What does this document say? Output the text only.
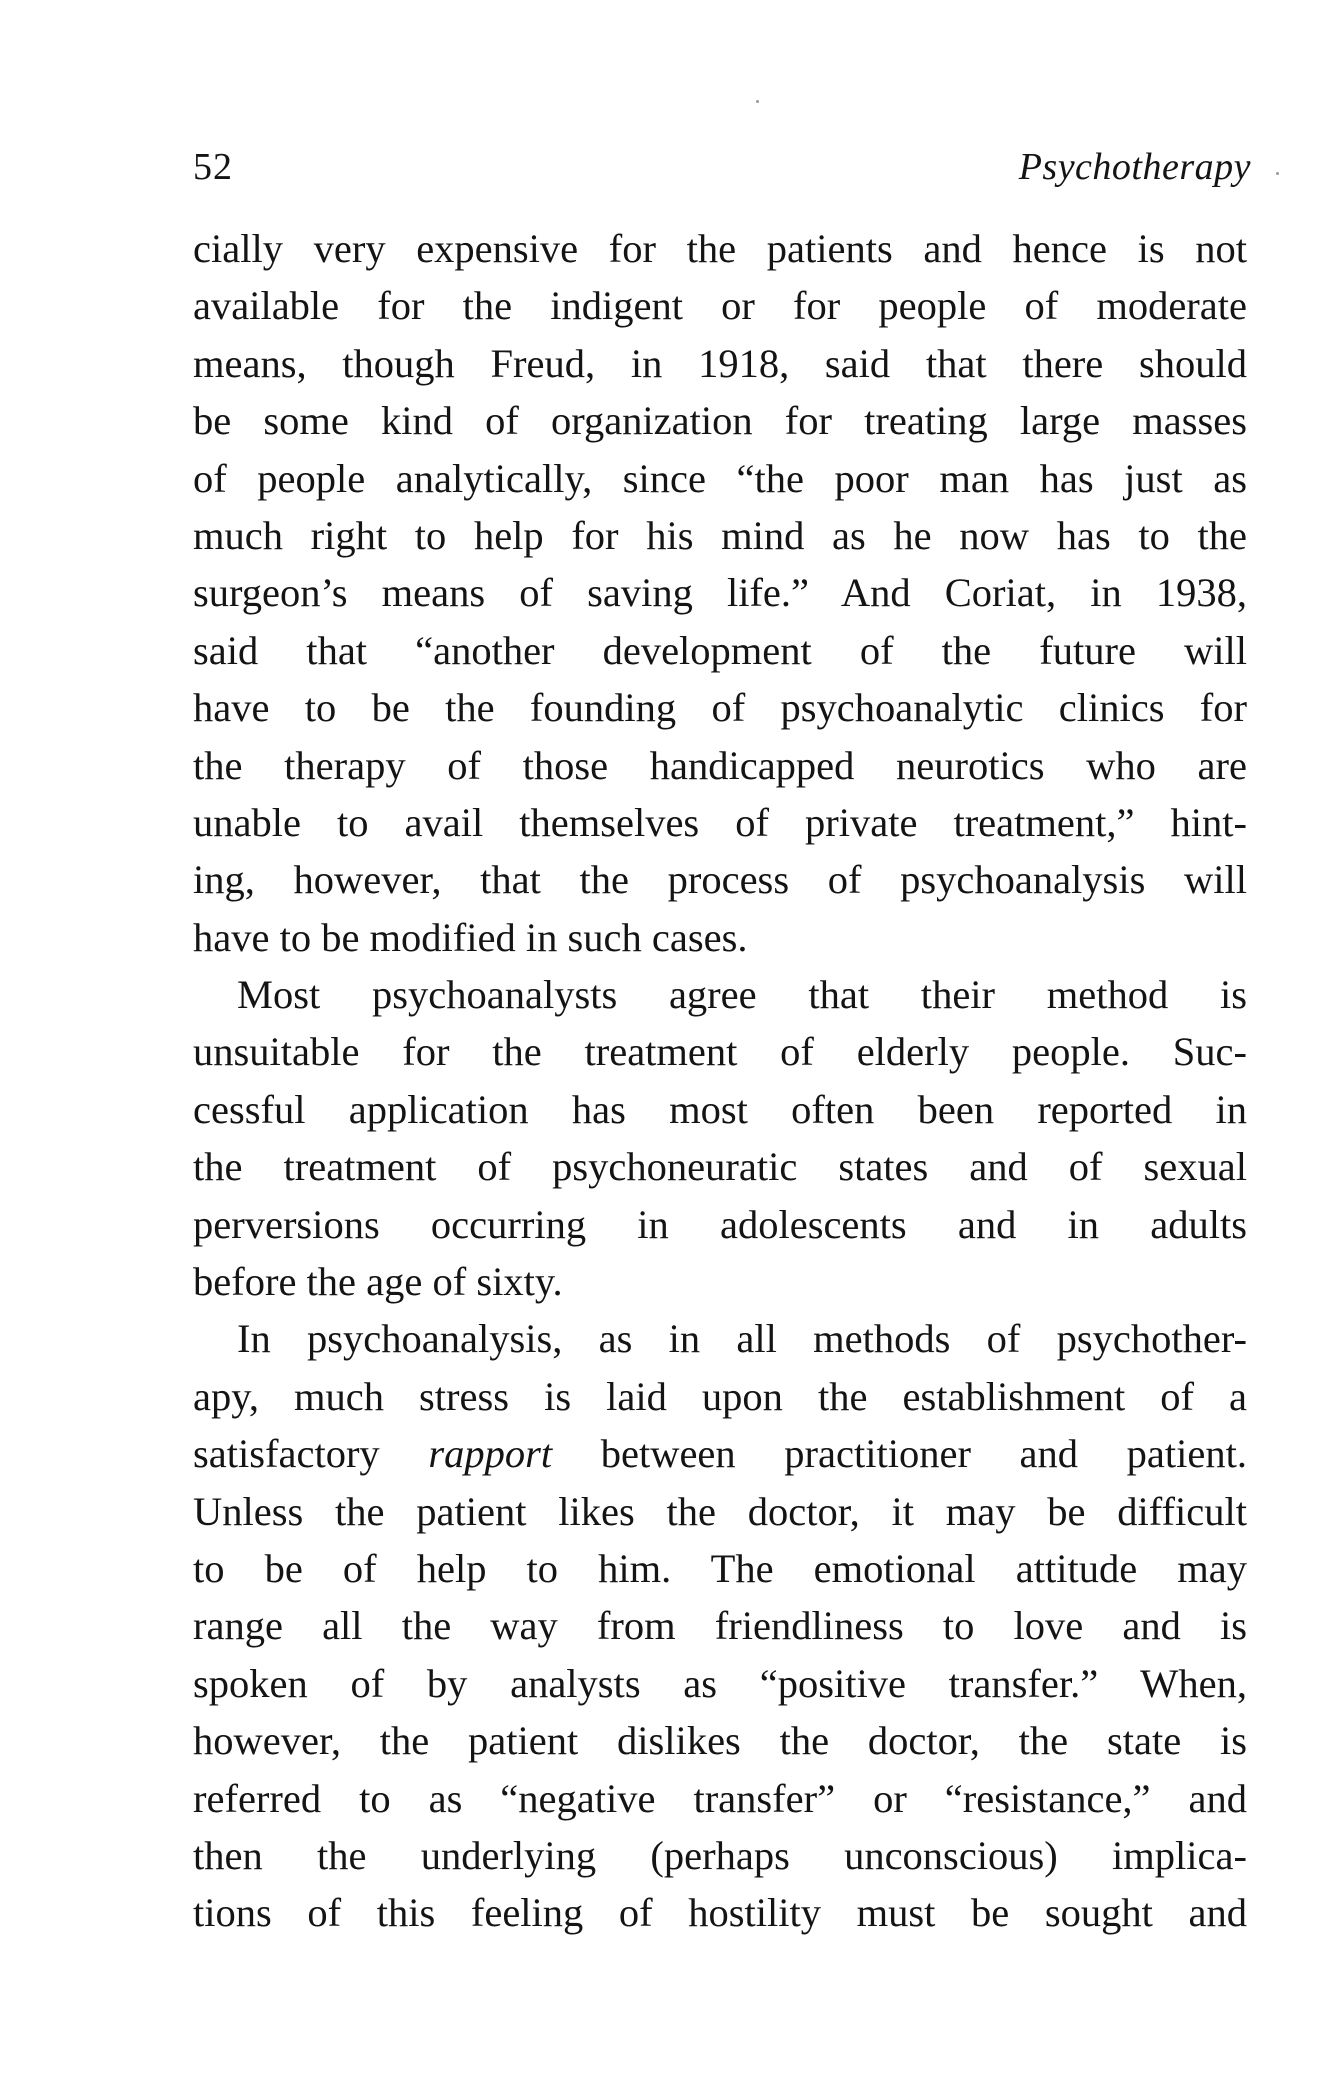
52	Psychotherapy
cially very expensive for the patients and hence is not
available for the indigent or for people of moderate
means, though Freud, in 1918, said that there should
be some kind of organization for treating large masses
of people analytically, since “the poor man has just as
much right to help for his mind as he now has to the
surgeon’s means of saving life.” And Coriat, in 1938,
said that “another development of the future will
have to be the founding of psychoanalytic clinics for
the therapy of those handicapped neurotics who are
unable to avail themselves of private treatment,” hint-
ing, however, that the process of psychoanalysis will
have to be modified in such cases.
Most psychoanalysts agree that their method is
unsuitable for the treatment of elderly people. Suc-
cessful application has most often been reported in
the treatment of psychoneuratic states and of sexual
perversions occurring in adolescents and in adults
before the age of sixty.
In psychoanalysis, as in all methods of psychother-
apy, much stress is laid upon the establishment of a
satisfactory rapport between practitioner and patient.
Unless the patient likes the doctor, it may be difficult
to be of help to him. The emotional attitude may
range all the way from friendliness to love and is
spoken of by analysts as “positive transfer.” When,
however, the patient dislikes the doctor, the state is
referred to as “negative transfer” or “resistance,” and
then the underlying (perhaps unconscious) implica-
tions of this feeling of hostility must be sought and
